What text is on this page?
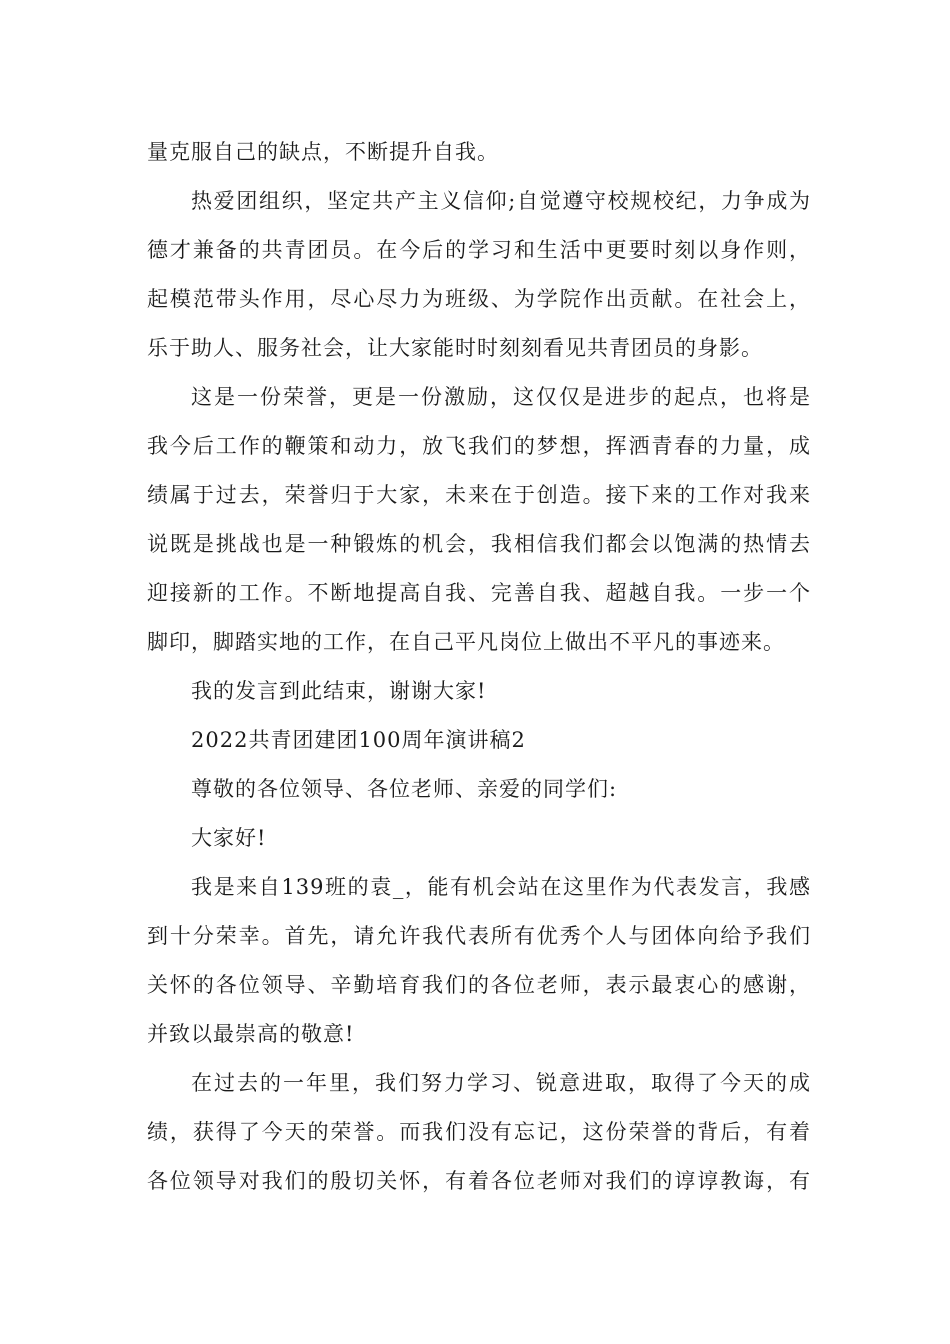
量克服自己的缺点，不断提升自我。
热爱团组织，坚定共产主义信仰;自觉遵守校规校纪，力争成为
德才兼备的共青团员。在今后的学习和生活中更要时刻以身作则，
起模范带头作用，尽心尽力为班级、为学院作出贡献。在社会上，
乐于助人、服务社会，让大家能时时刻刻看见共青团员的身影。
这是一份荣誉，更是一份激励，这仅仅是进步的起点，也将是
我今后工作的鞭策和动力，放飞我们的梦想，挥洒青春的力量，成
绩属于过去，荣誉归于大家，未来在于创造。接下来的工作对我来
说既是挑战也是一种锻炼的机会，我相信我们都会以饱满的热情去
迎接新的工作。不断地提高自我、完善自我、超越自我。一步一个
脚印，脚踏实地的工作，在自己平凡岗位上做出不平凡的事迹来。
我的发言到此结束，谢谢大家!
2022共青团建团100周年演讲稿2
尊敬的各位领导、各位老师、亲爱的同学们:
大家好!
我是来自139班的袁_，能有机会站在这里作为代表发言，我感
到十分荣幸。首先，请允许我代表所有优秀个人与团体向给予我们
关怀的各位领导、辛勤培育我们的各位老师，表示最衷心的感谢，
并致以最崇高的敬意!
在过去的一年里，我们努力学习、锐意进取，取得了今天的成
绩，获得了今天的荣誉。而我们没有忘记，这份荣誉的背后，有着
各位领导对我们的殷切关怀，有着各位老师对我们的谆谆教诲，有
